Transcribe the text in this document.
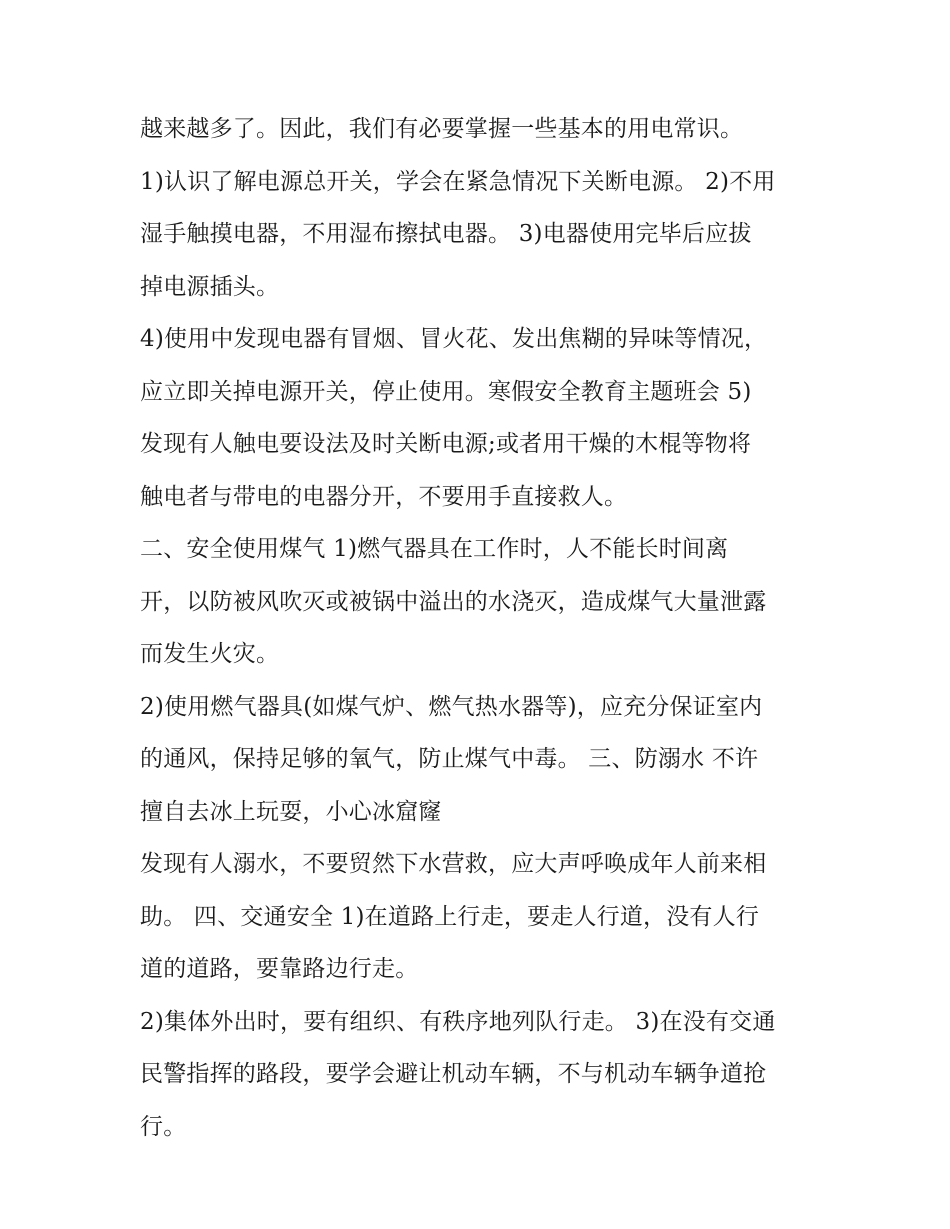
越来越多了。因此，我们有必要掌握一些基本的用电常识。
1)认识了解电源总开关，学会在紧急情况下关断电源。 2)不用
湿手触摸电器，不用湿布擦拭电器。 3)电器使用完毕后应拔
掉电源插头。
4)使用中发现电器有冒烟、冒火花、发出焦糊的异味等情况，
应立即关掉电源开关，停止使用。寒假安全教育主题班会 5)
发现有人触电要设法及时关断电源;或者用干燥的木棍等物将
触电者与带电的电器分开，不要用手直接救人。
二、安全使用煤气 1)燃气器具在工作时，人不能长时间离
开，以防被风吹灭或被锅中溢出的水浇灭，造成煤气大量泄露
而发生火灾。
2)使用燃气器具(如煤气炉、燃气热水器等)，应充分保证室内
的通风，保持足够的氧气，防止煤气中毒。 三、防溺水 不许
擅自去冰上玩耍，小心冰窟窿
发现有人溺水，不要贸然下水营救，应大声呼唤成年人前来相
助。 四、交通安全 1)在道路上行走，要走人行道，没有人行
道的道路，要靠路边行走。
2)集体外出时，要有组织、有秩序地列队行走。 3)在没有交通
民警指挥的路段，要学会避让机动车辆，不与机动车辆争道抢
行。
